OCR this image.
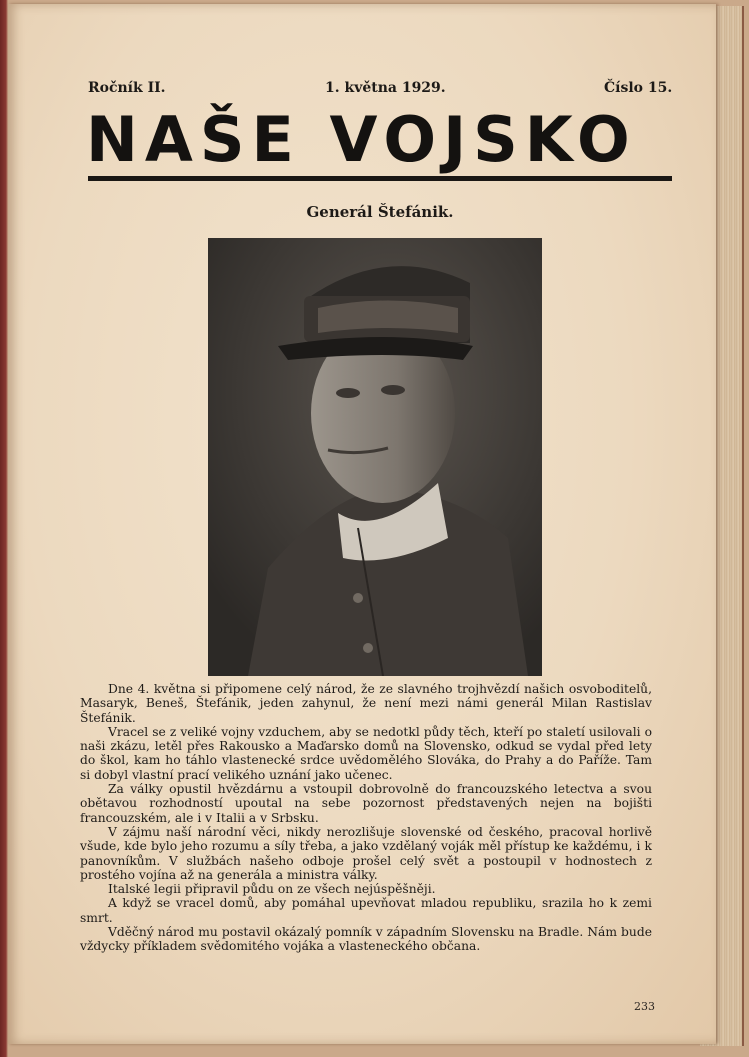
Ročník II.	1. května 1929.	Číslo 15.
NAŠE VOJSKO
Generál Štefánik.

Dne 4. května si připomene celý národ, že ze slavného trojhvězdí našich osvoboditelů, Masaryk, Beneš, Štefánik, jeden zahynul, že není mezi námi generál Milan Rastislav Štefánik.

Vracel se z veliké vojny vzduchem, aby se nedotkl půdy těch, kteří po staletí usilovali o naši zkázu, letěl přes Rakousko a Maďarsko domů na Slovensko, odkud se vydal před lety do škol, kam ho táhlo vlastenecké srdce uvědomělého Slováka, do Prahy a do Paříže. Tam si dobyl vlastní prací velikého uznání jako učenec.

Za války opustil hvězdárnu a vstoupil dobrovolně do francouzského letectva a svou obětavou rozhodností upoutal na sebe pozornost představených nejen na bojišti francouzském, ale i v Italii a v Srbsku.

V zájmu naší národní věci, nikdy nerozlišuje slovenské od českého, pracoval horlivě všude, kde bylo jeho rozumu a síly třeba, a jako vzdělaný voják měl přístup ke každému, i k panovníkům. V službách našeho odboje prošel celý svět a postoupil v hodnostech z prostého vojína až na generála a ministra války.

Italské legii připravil půdu on ze všech nejúspěšněji.

A když se vracel domů, aby pomáhal upevňovat mladou republiku, srazila ho k zemi smrt.

Vděčný národ mu postavil okázalý pomník v západním Slovensku na Bradle. Nám bude vždycky příkladem svědomitého vojáka a vlasteneckého občana.

233
